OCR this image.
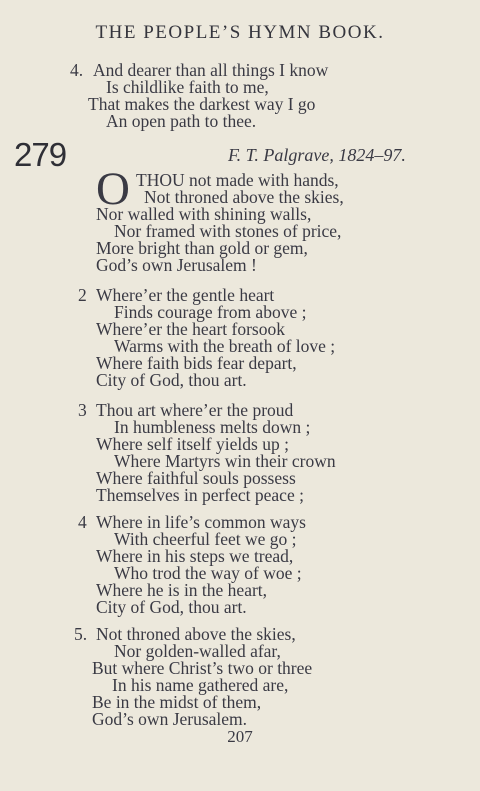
THE PEOPLE’S HYMN BOOK.
4. And dearer than all things I know
Is childlike faith to me,
That makes the darkest way I go
An open path to thee.
279	F. T. Palgrave, 1824–97.
O THOU not made with hands,
Not throned above the skies,
Nor walled with shining walls,
Nor framed with stones of price,
More bright than gold or gem,
God’s own Jerusalem !
2 Where’er the gentle heart
Finds courage from above ;
Where’er the heart forsook
Warms with the breath of love ;
Where faith bids fear depart,
City of God, thou art.
3 Thou art where’er the proud
In humbleness melts down ;
Where self itself yields up ;
Where Martyrs win their crown
Where faithful souls possess
Themselves in perfect peace ;
4 Where in life’s common ways
With cheerful feet we go ;
Where in his steps we tread,
Who trod the way of woe ;
Where he is in the heart,
City of God, thou art.
5. Not throned above the skies,
Nor golden-walled afar,
But where Christ’s two or three
In his name gathered are,
Be in the midst of them,
God’s own Jerusalem.
207
